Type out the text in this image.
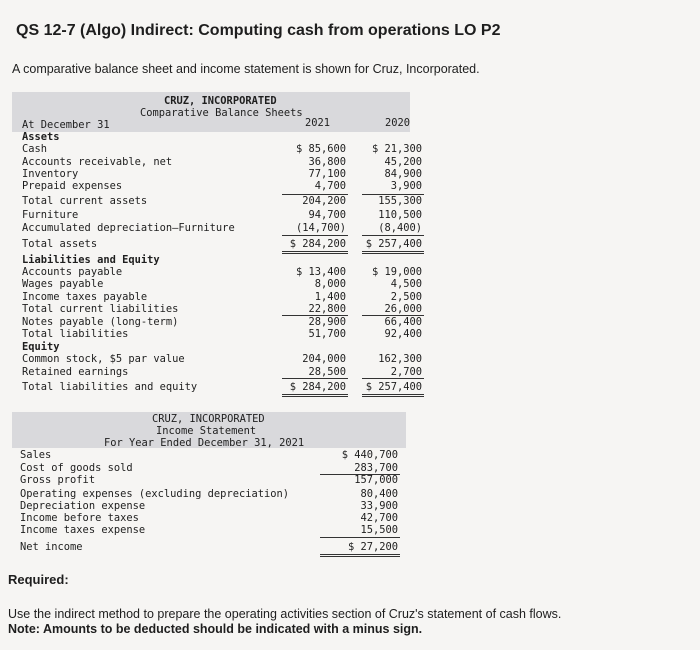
QS 12-7 (Algo) Indirect: Computing cash from operations LO P2
A comparative balance sheet and income statement is shown for Cruz, Incorporated.
CRUZ, INCORPORATED
Comparative Balance Sheets
At December 31	2021	2020
Assets
Cash	$ 85,600	$ 21,300
Accounts receivable, net	36,800	45,200
Inventory	77,100	84,900
Prepaid expenses	4,700	3,900
Total current assets	204,200	155,300
Furniture	94,700	110,500
Accumulated depreciation—Furniture	(14,700)	(8,400)
Total assets	$ 284,200	$ 257,400
Liabilities and Equity
Accounts payable	$ 13,400	$ 19,000
Wages payable	8,000	4,500
Income taxes payable	1,400	2,500
Total current liabilities	22,800	26,000
Notes payable (long-term)	28,900	66,400
Total liabilities	51,700	92,400
Equity
Common stock, $5 par value	204,000	162,300
Retained earnings	28,500	2,700
Total liabilities and equity	$ 284,200	$ 257,400
CRUZ, INCORPORATED
Income Statement
For Year Ended December 31, 2021
Sales	$ 440,700
Cost of goods sold	283,700
Gross profit	157,000
Operating expenses (excluding depreciation)	80,400
Depreciation expense	33,900
Income before taxes	42,700
Income taxes expense	15,500
Net income	$ 27,200
Required:
Use the indirect method to prepare the operating activities section of Cruz's statement of cash flows.
Note: Amounts to be deducted should be indicated with a minus sign.
